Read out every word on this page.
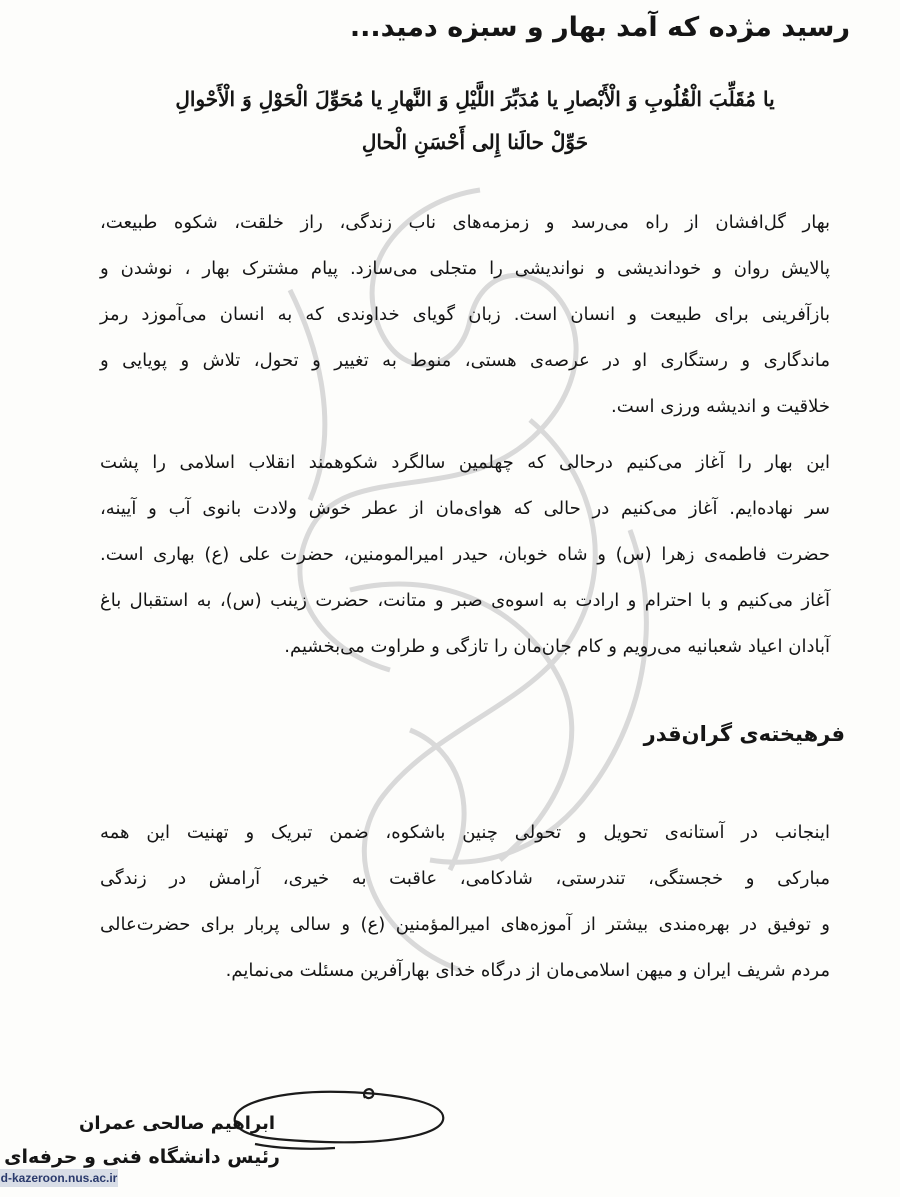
رسید مژده که آمد بهار و سبزه دمید...
یا مُقَلِّبَ الْقُلُوبِ وَ الْأَبْصارِ یا مُدَبِّرَ اللَّیْلِ وَ النَّهارِ یا مُحَوِّلَ الْحَوْلِ وَ الْأَحْوالِ
حَوِّلْ حالَنا إِلی أَحْسَنِ الْحالِ
بهار گل‌افشان از راه می‌رسد و زمزمه‌های ناب زندگی، راز خلقت، شکوه طبیعت،
پالایش روان و خوداندیشی و نواندیشی را متجلی می‌سازد. پیام مشترک بهار ، نوشدن و
بازآفرینی برای طبیعت و انسان است. زبان گویای خداوندی که به انسان می‌آموزد رمز
ماندگاری و رستگاری او در عرصه‌ی هستی، منوط به تغییر و تحول، تلاش و پویایی و
خلاقیت و اندیشه ورزی است.
این بهار را آغاز می‌کنیم درحالی که چهلمین سالگرد شکوهمند انقلاب اسلامی را پشت
سر نهاده‌ایم. آغاز می‌کنیم در حالی که هوای‌مان از عطر خوش ولادت بانوی آب و آیینه،
حضرت فاطمه‌ی زهرا (س) و شاه خوبان، حیدر امیرالمومنین، حضرت علی (ع) بهاری است.
آغاز می‌کنیم و با احترام و ارادت به اسوه‌ی صبر و متانت، حضرت زینب (س)، به استقبال باغ
آبادان اعیاد شعبانیه می‌رویم و کام جان‌مان را تازگی و طراوت می‌بخشیم.
فرهیخته‌ی گران‌قدر
اینجانب در آستانه‌ی تحویل و تحولی چنین باشکوه، ضمن تبریک و تهنیت این همه
مبارکی و خجستگی، تندرستی، شادکامی، عاقبت به خیری، آرامش در زندگی
و توفیق در بهره‌مندی بیشتر از آموزه‌های امیرالمؤمنین (ع) و سالی پربار برای حضرت‌عالی
مردم شریف ایران و میهن اسلامی‌مان از درگاه خدای بهارآفرین مسئلت می‌نمایم.
ابراهیم صالحی عمران
رئیس دانشگاه فنی و حرفه‌ای
d-kazeroon.nus.ac.ir
